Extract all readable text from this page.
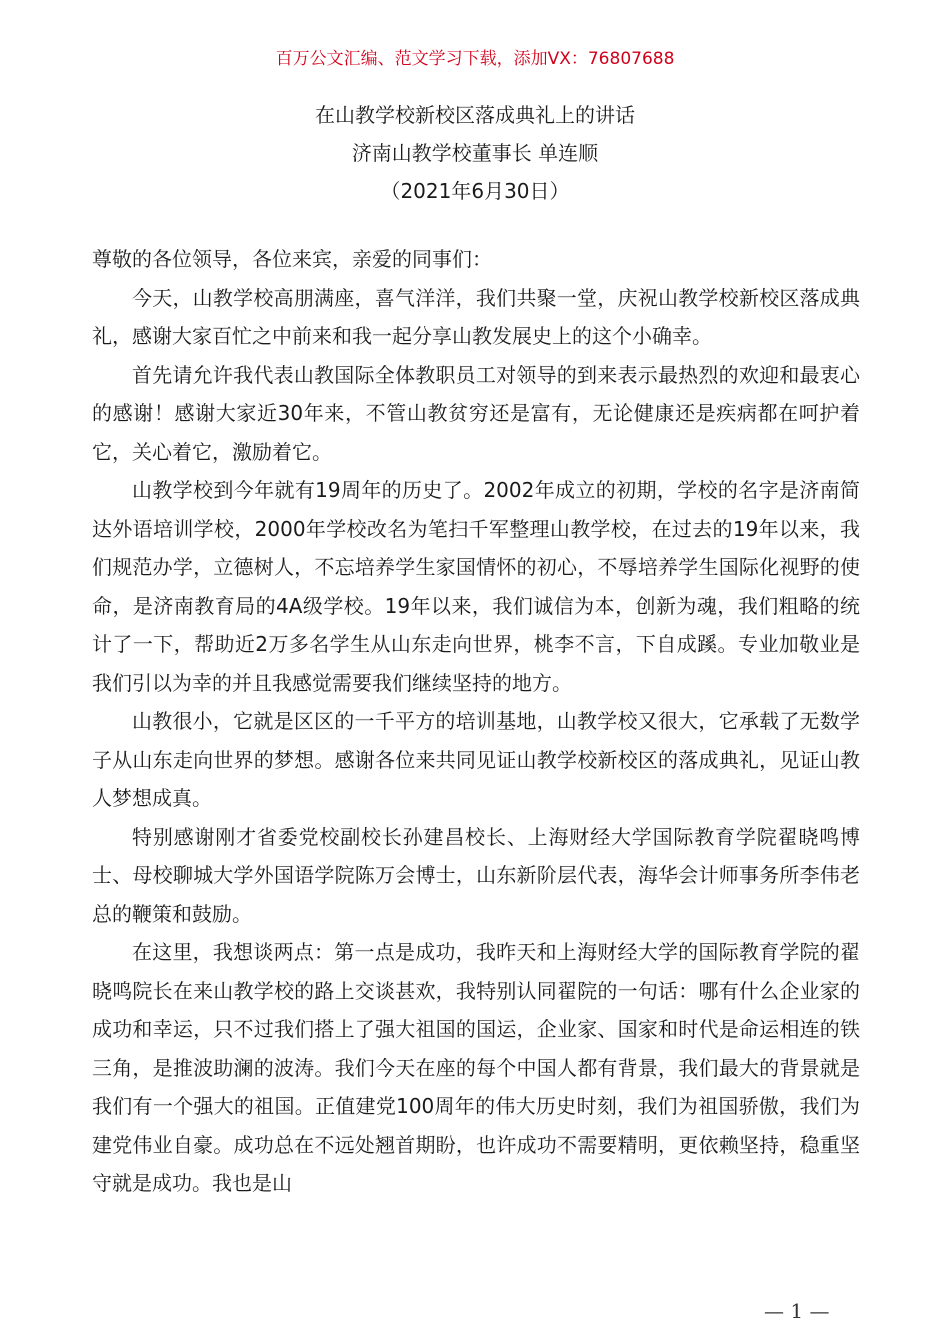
百万公文汇编、范文学习下载，添加VX：76807688
在山教学校新校区落成典礼上的讲话
济南山教学校董事长 单连顺
（2021年6月30日）

尊敬的各位领导，各位来宾，亲爱的同事们：

今天，山教学校高朋满座，喜气洋洋，我们共聚一堂，庆祝山教学校新校区落成典礼，感谢大家百忙之中前来和我一起分享山教发展史上的这个小确幸。

首先请允许我代表山教国际全体教职员工对领导的到来表示最热烈的欢迎和最衷心的感谢！感谢大家近30年来，不管山教贫穷还是富有，无论健康还是疾病都在呵护着它，关心着它，激励着它。

山教学校到今年就有19周年的历史了。2002年成立的初期，学校的名字是济南简达外语培训学校，2000年学校改名为笔扫千军整理山教学校，在过去的19年以来，我们规范办学，立德树人，不忘培养学生家国情怀的初心，不辱培养学生国际化视野的使命，是济南教育局的4A级学校。19年以来，我们诚信为本，创新为魂，我们粗略的统计了一下，帮助近2万多名学生从山东走向世界，桃李不言，下自成蹊。专业加敬业是我们引以为幸的并且我感觉需要我们继续坚持的地方。

山教很小，它就是区区的一千平方的培训基地，山教学校又很大，它承载了无数学子从山东走向世界的梦想。感谢各位来共同见证山教学校新校区的落成典礼，见证山教人梦想成真。

特别感谢刚才省委党校副校长孙建昌校长、上海财经大学国际教育学院翟晓鸣博士、母校聊城大学外国语学院陈万会博士，山东新阶层代表，海华会计师事务所李伟老总的鞭策和鼓励。

在这里，我想谈两点：第一点是成功，我昨天和上海财经大学的国际教育学院的翟晓鸣院长在来山教学校的路上交谈甚欢，我特别认同翟院的一句话：哪有什么企业家的成功和幸运，只不过我们搭上了强大祖国的国运，企业家、国家和时代是命运相连的铁三角，是推波助澜的波涛。我们今天在座的每个中国人都有背景，我们最大的背景就是我们有一个强大的祖国。正值建党100周年的伟大历史时刻，我们为祖国骄傲，我们为建党伟业自豪。成功总在不远处翘首期盼，也许成功不需要精明，更依赖坚持，稳重坚守就是成功。我也是山

— 1 —
